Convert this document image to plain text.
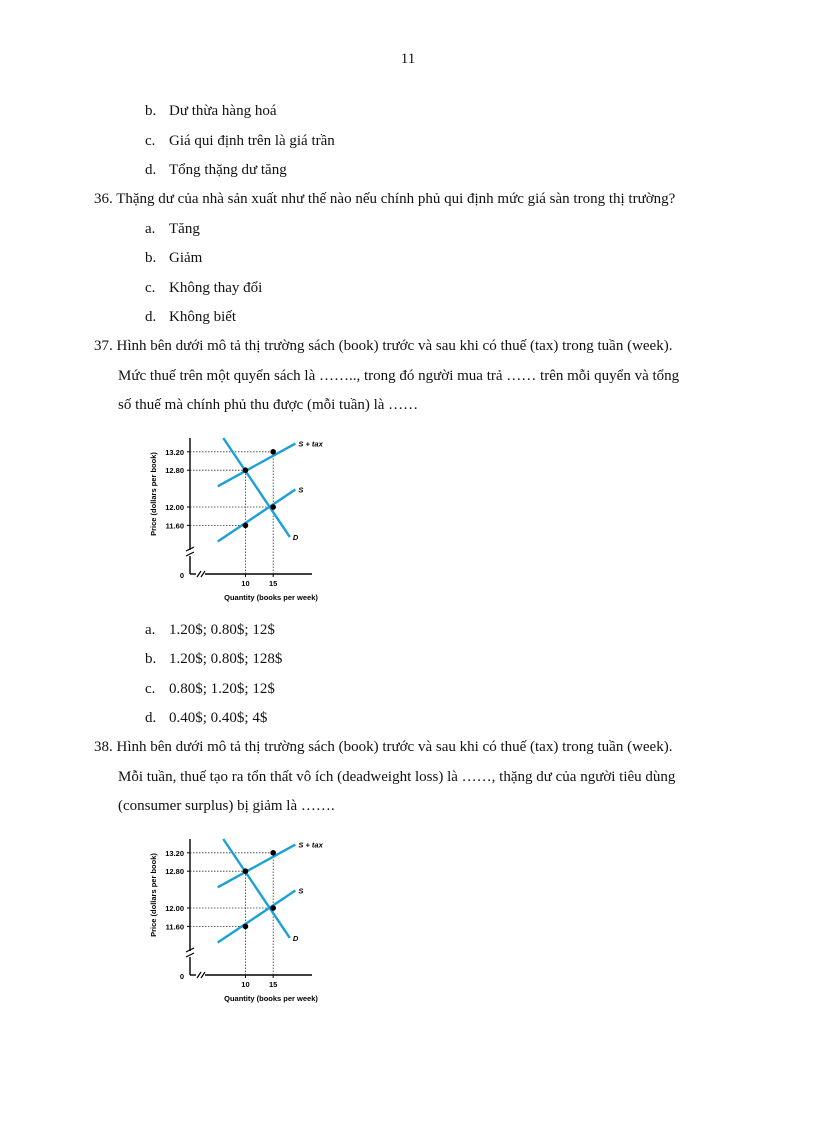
11
b. Dư thừa hàng hoá
c. Giá qui định trên là giá trần
d. Tổng thặng dư tăng
36. Thặng dư của nhà sản xuất như thế nào nếu chính phủ qui định mức giá sàn trong thị trường?
a. Tăng
b. Giảm
c. Không thay đổi
d. Không biết
37. Hình bên dưới mô tả thị trường sách (book) trước và sau khi có thuế (tax) trong tuần (week).
Mức thuế trên một quyển sách là …….., trong đó người mua trả …… trên mỗi quyển và tổng
số thuế mà chính phủ thu được (mỗi tuần) là ……
13.20
12.80
12.00
11.60
10	15
0
S + tax
S
D
Quantity (books per week)
Price (dollars per book)
a. 1.20$; 0.80$; 12$
b. 1.20$; 0.80$; 128$
c. 0.80$; 1.20$; 12$
d. 0.40$; 0.40$; 4$
38. Hình bên dưới mô tả thị trường sách (book) trước và sau khi có thuế (tax) trong tuần (week).
Mỗi tuần, thuế tạo ra tổn thất vô ích (deadweight loss) là ……, thặng dư của người tiêu dùng
(consumer surplus) bị giảm là …….
13.20
12.80
12.00
11.60
10	15
0
S + tax
S
D
Quantity (books per week)
Price (dollars per book)
